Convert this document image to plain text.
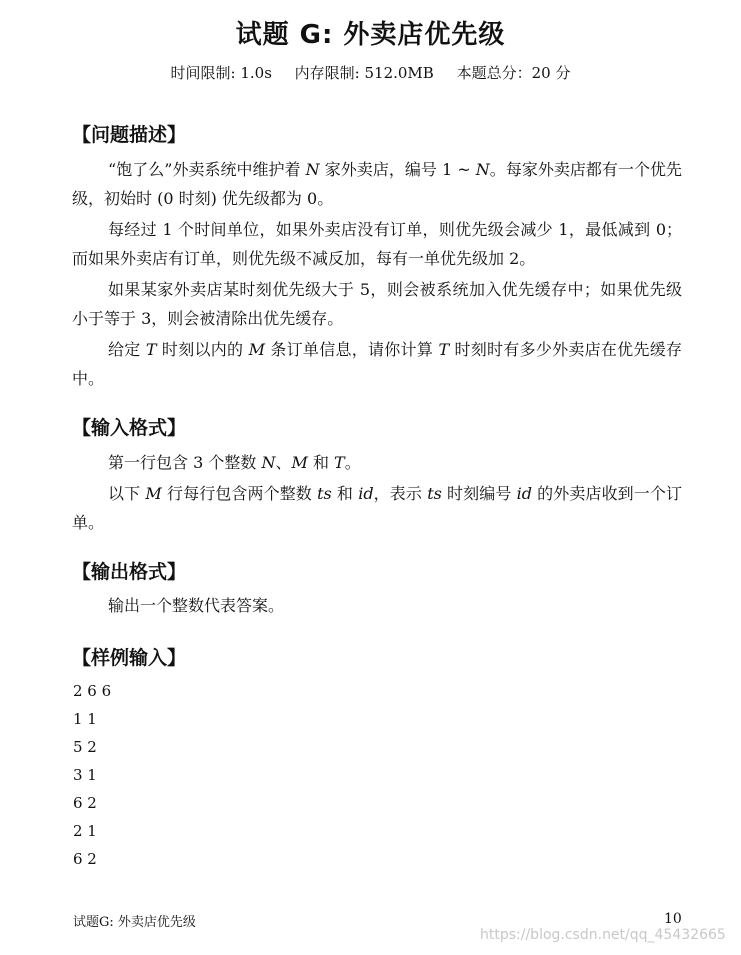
试题 G: 外卖店优先级
时间限制: 1.0s 内存限制: 512.0MB 本题总分：20 分
【问题描述】
“饱了么”外卖系统中维护着 N 家外卖店，编号 1 ~ N。每家外卖店都有一个优先级，初始时 (0 时刻) 优先级都为 0。
每经过 1 个时间单位，如果外卖店没有订单，则优先级会减少 1，最低减到 0；而如果外卖店有订单，则优先级不减反加，每有一单优先级加 2。
如果某家外卖店某时刻优先级大于 5，则会被系统加入优先缓存中；如果优先级小于等于 3，则会被清除出优先缓存。
给定 T 时刻以内的 M 条订单信息，请你计算 T 时刻时有多少外卖店在优先缓存中。
【输入格式】
第一行包含 3 个整数 N、M 和 T。
以下 M 行每行包含两个整数 ts 和 id，表示 ts 时刻编号 id 的外卖店收到一个订单。
【输出格式】
输出一个整数代表答案。
【样例输入】
2 6 6
1 1
5 2
3 1
6 2
2 1
6 2
试题G: 外卖店优先级	10
https://blog.csdn.net/qq_45432665
